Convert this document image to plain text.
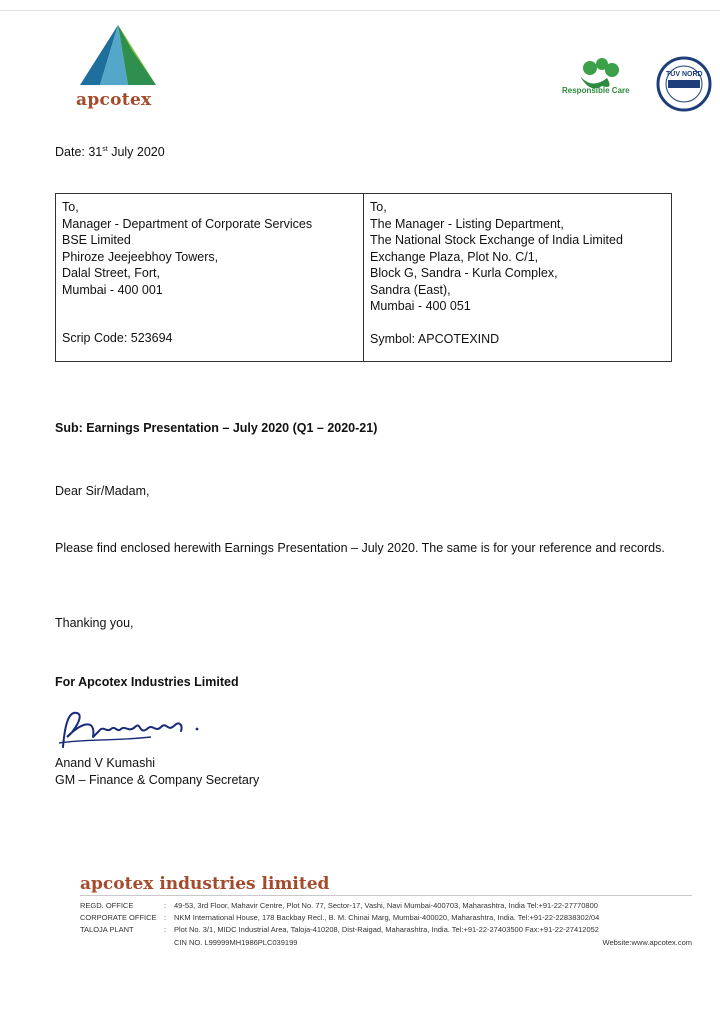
apcotex	Responsible Care
TÜV NORD
Date: 31st July 2020
To,
Manager - Department of Corporate Services
BSE Limited
Phiroze Jeejeebhoy Towers,
Dalal Street, Fort,
Mumbai - 400 001
Scrip Code: 523694

To,
The Manager - Listing Department,
The National Stock Exchange of India Limited
Exchange Plaza, Plot No. C/1,
Block G, Sandra - Kurla Complex,
Sandra (East),
Mumbai - 400 051
Symbol: APCOTEXIND
Sub: Earnings Presentation – July 2020 (Q1 – 2020-21)
Dear Sir/Madam,
Please find enclosed herewith Earnings Presentation – July 2020. The same is for your reference and records.
Thanking you,
For Apcotex Industries Limited
Anand V Kumashi
GM – Finance & Company Secretary
apcotex industries limited
REGD. OFFICE	:	49-53, 3rd Floor, Mahavir Centre, Plot No. 77, Sector-17, Vashi, Navi Mumbai-400703, Maharashtra, India Tel:+91-22-27770800
CORPORATE OFFICE :	NKM International House, 178 Backbay Recl., B. M. Chinai Marg, Mumbai-400020, Maharashtra, India. Tel:+91-22-22838302/04
TALOJA PLANT	:	Plot No. 3/1, MIDC Industrial Area, Taloja-410208, Dist-Raigad, Maharashtra, India. Tel:+91-22-27403500 Fax:+91-22-27412052
CIN NO. L99999MH1986PLC039199	Website:www.apcotex.com
